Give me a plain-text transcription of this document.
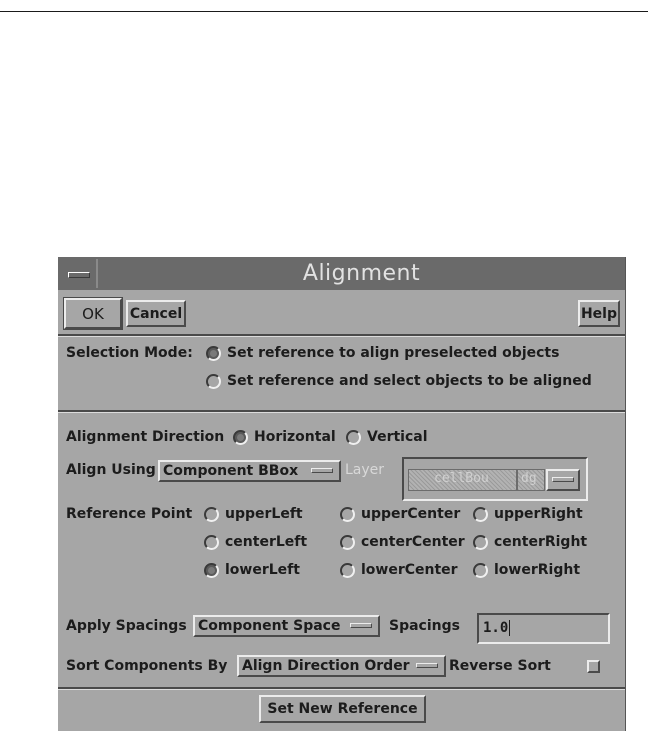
Alignment
OK	Cancel	Help
Selection Mode: Set reference to align preselected objects
Set reference and select objects to be aligned
Alignment Direction Horizontal Vertical
Align Using Component BBox	Layer
cellBou	dg
Reference Point upperLeft	upperCenter upperRight
centerLeft	centerCenter centerRight
lowerLeft	lowerCenter	lowerRight
Apply Spacings Component Space	Spacings	1.0
Sort Components By	Align Direction Order	Reverse Sort
Set New Reference
